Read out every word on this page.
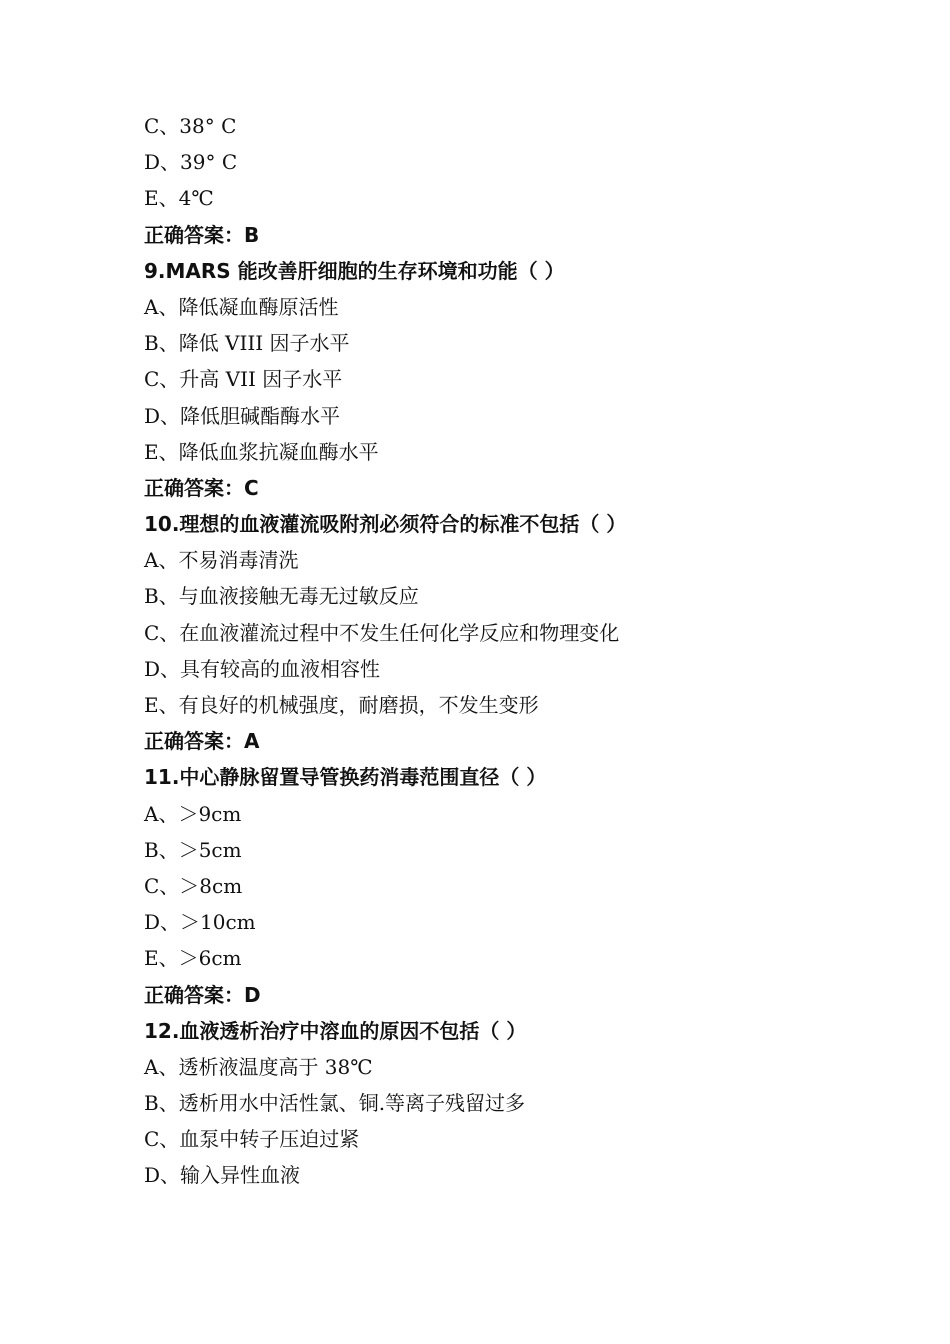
C、38° C
D、39° C
E、4℃
正确答案：B
9.MARS 能改善肝细胞的生存环境和功能（ ）
A、降低凝血酶原活性
B、降低 VIII 因子水平
C、升高 VII 因子水平
D、降低胆碱酯酶水平
E、降低血浆抗凝血酶水平
正确答案：C
10.理想的血液灌流吸附剂必须符合的标准不包括（ ）
A、不易消毒清洗
B、与血液接触无毒无过敏反应
C、在血液灌流过程中不发生任何化学反应和物理变化
D、具有较高的血液相容性
E、有良好的机械强度，耐磨损，不发生变形
正确答案：A
11.中心静脉留置导管换药消毒范围直径（ ）
A、＞9cm
B、＞5cm
C、＞8cm
D、＞10cm
E、＞6cm
正确答案：D
12.血液透析治疗中溶血的原因不包括（ ）
A、透析液温度高于 38℃
B、透析用水中活性氯、铜.等离子残留过多
C、血泵中转子压迫过紧
D、输入异性血液
